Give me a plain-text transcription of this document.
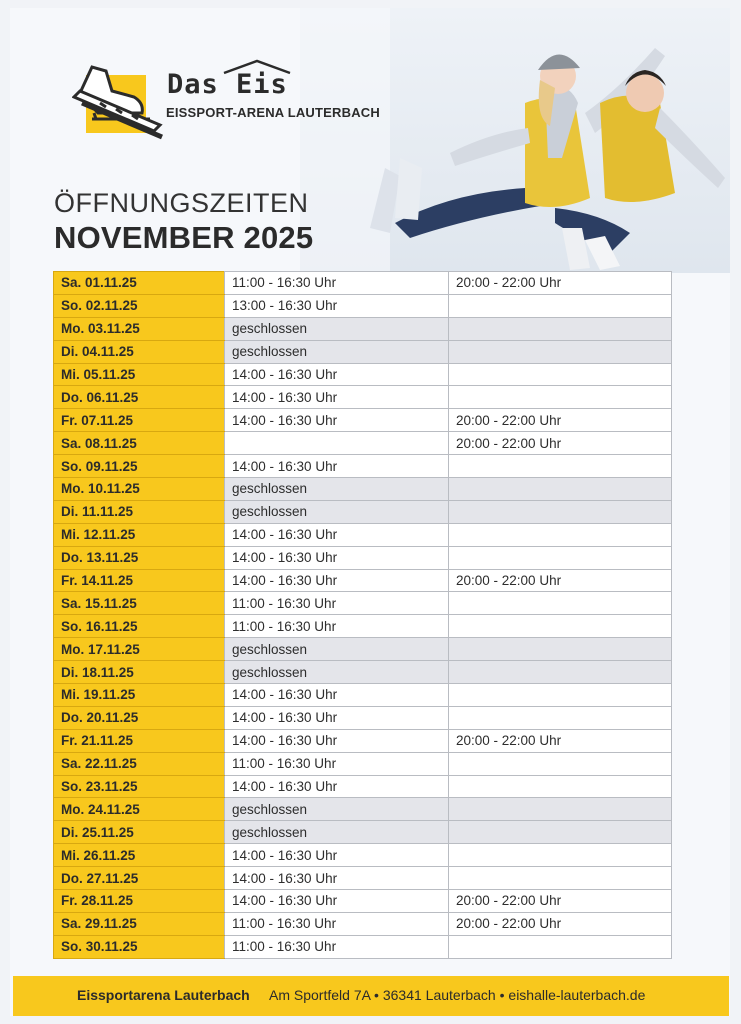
Das Eis
EISSPORT-ARENA LAUTERBACH
ÖFFNUNGSZEITEN
NOVEMBER 2025
Sa. 01.11.25	11:00 - 16:30 Uhr	20:00 - 22:00 Uhr
So. 02.11.25	13:00 - 16:30 Uhr	
Mo. 03.11.25	geschlossen	
Di. 04.11.25	geschlossen	
Mi. 05.11.25	14:00 - 16:30 Uhr	
Do. 06.11.25	14:00 - 16:30 Uhr	
Fr. 07.11.25	14:00 - 16:30 Uhr	20:00 - 22:00 Uhr
Sa. 08.11.25		20:00 - 22:00 Uhr
So. 09.11.25	14:00 - 16:30 Uhr	
Mo. 10.11.25	geschlossen	
Di. 11.11.25	geschlossen	
Mi. 12.11.25	14:00 - 16:30 Uhr	
Do. 13.11.25	14:00 - 16:30 Uhr	
Fr. 14.11.25	14:00 - 16:30 Uhr	20:00 - 22:00 Uhr
Sa. 15.11.25	11:00 - 16:30 Uhr	
So. 16.11.25	11:00 - 16:30 Uhr	
Mo. 17.11.25	geschlossen	
Di. 18.11.25	geschlossen	
Mi. 19.11.25	14:00 - 16:30 Uhr	
Do. 20.11.25	14:00 - 16:30 Uhr	
Fr. 21.11.25	14:00 - 16:30 Uhr	20:00 - 22:00 Uhr
Sa. 22.11.25	11:00 - 16:30 Uhr	
So. 23.11.25	14:00 - 16:30 Uhr	
Mo. 24.11.25	geschlossen	
Di. 25.11.25	geschlossen	
Mi. 26.11.25	14:00 - 16:30 Uhr	
Do. 27.11.25	14:00 - 16:30 Uhr	
Fr. 28.11.25	14:00 - 16:30 Uhr	20:00 - 22:00 Uhr
Sa. 29.11.25	11:00 - 16:30 Uhr	20:00 - 22:00 Uhr
So. 30.11.25	11:00 - 16:30 Uhr	
Eissportarena Lauterbach Am Sportfeld 7A • 36341 Lauterbach • eishalle-lauterbach.de
